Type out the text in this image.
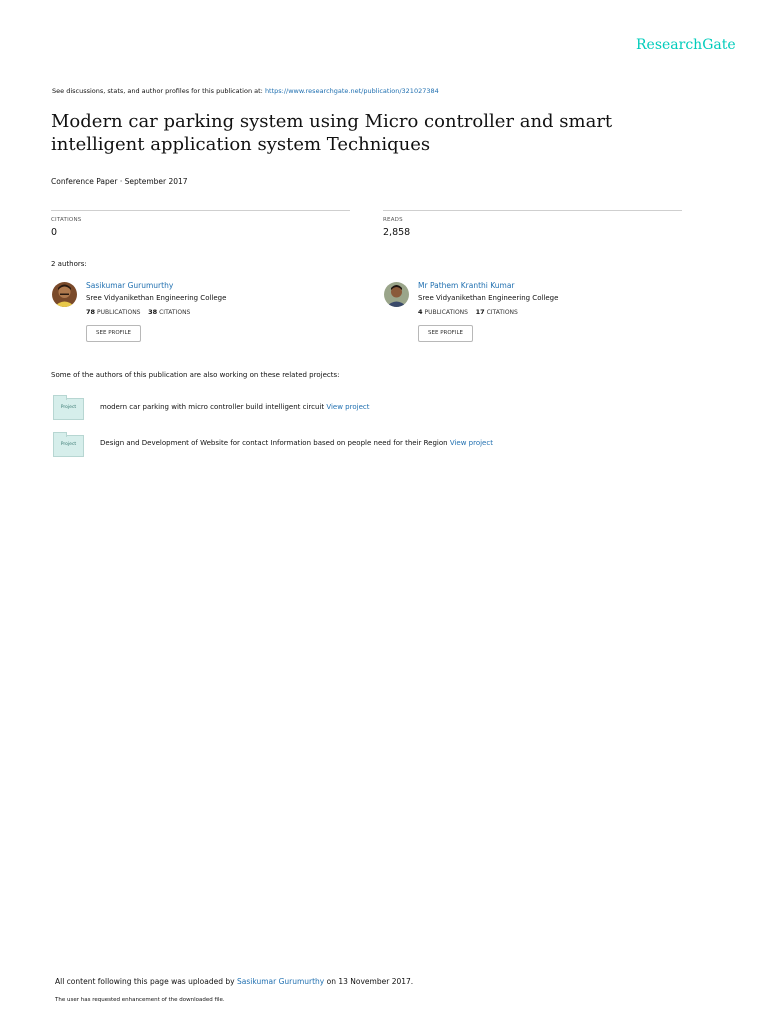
ResearchGate
See discussions, stats, and author profiles for this publication at: https://www.researchgate.net/publication/321027384
Modern car parking system using Micro controller and smart intelligent application system Techniques
Conference Paper · September 2017
CITATIONS
0
READS
2,858
2 authors:
Sasikumar Gurumurthy
Sree Vidyanikethan Engineering College
78 PUBLICATIONS 38 CITATIONS
SEE PROFILE
Mr Pathem Kranthi Kumar
Sree Vidyanikethan Engineering College
4 PUBLICATIONS 17 CITATIONS
SEE PROFILE
Some of the authors of this publication are also working on these related projects:
Project	modern car parking with micro controller build intelligent circuit View project
Project	Design and Development of Website for contact Information based on people need for their Region View project
All content following this page was uploaded by Sasikumar Gurumurthy on 13 November 2017.
The user has requested enhancement of the downloaded file.
